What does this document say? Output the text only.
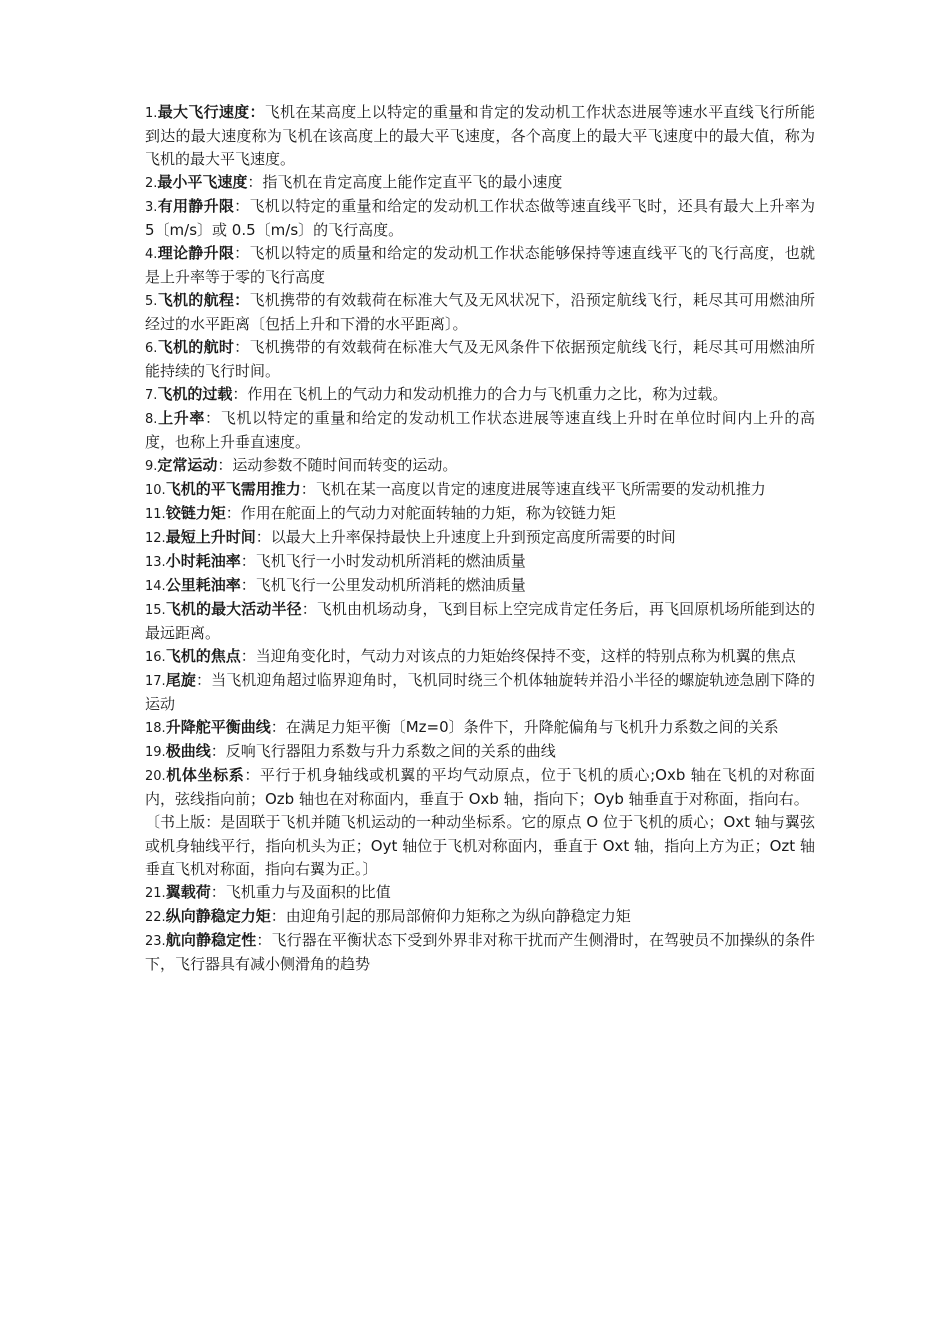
1.最大飞行速度：飞机在某高度上以特定的重量和肯定的发动机工作状态进展等速水平直线飞行所能到达的最大速度称为飞机在该高度上的最大平飞速度，各个高度上的最大平飞速度中的最大值，称为飞机的最大平飞速度。

2.最小平飞速度：指飞机在肯定高度上能作定直平飞的最小速度

3.有用静升限：飞机以特定的重量和给定的发动机工作状态做等速直线平飞时，还具有最大上升率为 5〔m/s〕或 0.5〔m/s〕的飞行高度。

4.理论静升限：飞机以特定的质量和给定的发动机工作状态能够保持等速直线平飞的飞行高度，也就是上升率等于零的飞行高度

5.飞机的航程：飞机携带的有效载荷在标准大气及无风状况下，沿预定航线飞行，耗尽其可用燃油所经过的水平距离〔包括上升和下滑的水平距离〕。

6.飞机的航时：飞机携带的有效载荷在标准大气及无风条件下依据预定航线飞行，耗尽其可用燃油所能持续的飞行时间。

7.飞机的过载：作用在飞机上的气动力和发动机推力的合力与飞机重力之比，称为过载。

8.上升率：飞机以特定的重量和给定的发动机工作状态进展等速直线上升时在单位时间内上升的高度，也称上升垂直速度。

9.定常运动：运动参数不随时间而转变的运动。

10.飞机的平飞需用推力：飞机在某一高度以肯定的速度进展等速直线平飞所需要的发动机推力

11.铰链力矩：作用在舵面上的气动力对舵面转轴的力矩，称为铰链力矩

12.最短上升时间：以最大上升率保持最快上升速度上升到预定高度所需要的时间

13.小时耗油率：飞机飞行一小时发动机所消耗的燃油质量

14.公里耗油率：飞机飞行一公里发动机所消耗的燃油质量

15.飞机的最大活动半径：飞机由机场动身，飞到目标上空完成肯定任务后，再飞回原机场所能到达的最远距离。

16.飞机的焦点：当迎角变化时，气动力对该点的力矩始终保持不变，这样的特别点称为机翼的焦点

17.尾旋：当飞机迎角超过临界迎角时，飞机同时绕三个机体轴旋转并沿小半径的螺旋轨迹急剧下降的运动

18.升降舵平衡曲线：在满足力矩平衡〔Mz=0〕条件下，升降舵偏角与飞机升力系数之间的关系

19.极曲线：反响飞行器阻力系数与升力系数之间的关系的曲线

20.机体坐标系：平行于机身轴线或机翼的平均气动原点，位于飞机的质心;Oxb 轴在飞机的对称面内，弦线指向前；Ozb 轴也在对称面内，垂直于 Oxb 轴，指向下；Oyb 轴垂直于对称面，指向右。

〔书上版：是固联于飞机并随飞机运动的一种动坐标系。它的原点 O 位于飞机的质心；Oxt 轴与翼弦或机身轴线平行，指向机头为正；Oyt 轴位于飞机对称面内，垂直于 Oxt 轴，指向上方为正；Ozt 轴垂直飞机对称面，指向右翼为正。〕

21.翼载荷：飞机重力与及面积的比值

22.纵向静稳定力矩：由迎角引起的那局部俯仰力矩称之为纵向静稳定力矩

23.航向静稳定性：飞行器在平衡状态下受到外界非对称干扰而产生侧滑时，在驾驶员不加操纵的条件下，飞行器具有减小侧滑角的趋势
